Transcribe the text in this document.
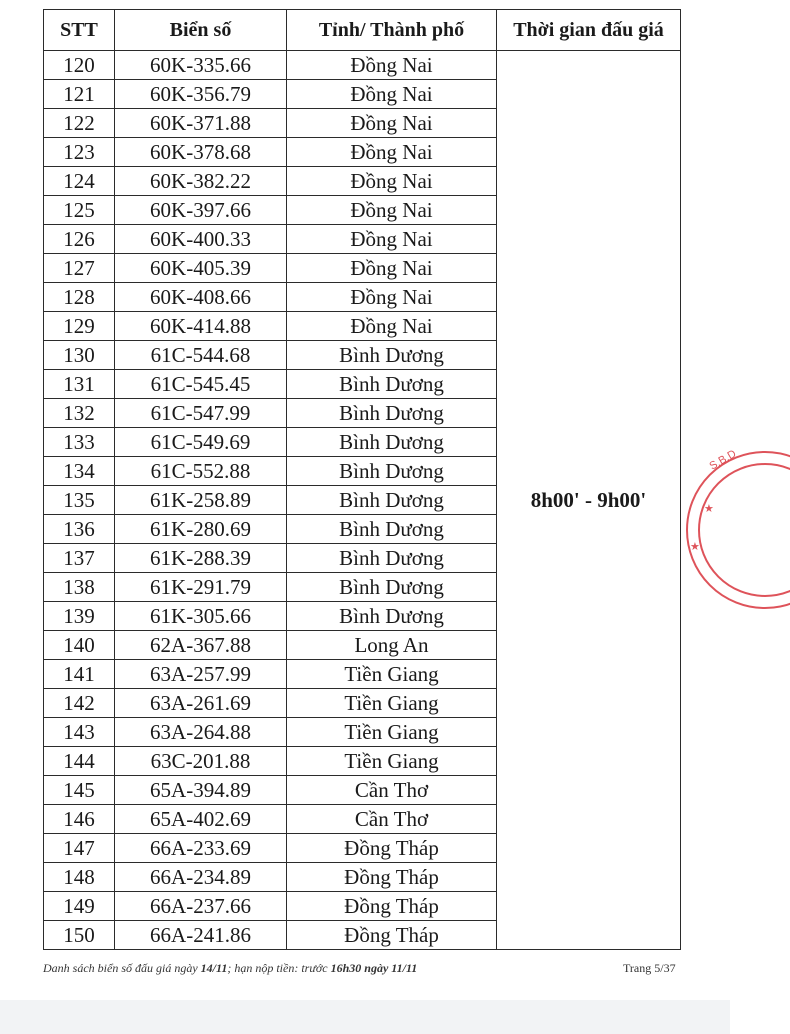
STT	Biển số	Tỉnh/ Thành phố	Thời gian đấu giá
120	60K-335.66	Đồng Nai	8h00' - 9h00'
121	60K-356.79	Đồng Nai	
122	60K-371.88	Đồng Nai	
123	60K-378.68	Đồng Nai	
124	60K-382.22	Đồng Nai	
125	60K-397.66	Đồng Nai	
126	60K-400.33	Đồng Nai	
127	60K-405.39	Đồng Nai	
128	60K-408.66	Đồng Nai	
129	60K-414.88	Đồng Nai	
130	61C-544.68	Bình Dương	
131	61C-545.45	Bình Dương	
132	61C-547.99	Bình Dương	
133	61C-549.69	Bình Dương	
134	61C-552.88	Bình Dương	
135	61K-258.89	Bình Dương	
136	61K-280.69	Bình Dương	
137	61K-288.39	Bình Dương	
138	61K-291.79	Bình Dương	
139	61K-305.66	Bình Dương	
140	62A-367.88	Long An	
141	63A-257.99	Tiền Giang	
142	63A-261.69	Tiền Giang	
143	63A-264.88	Tiền Giang	
144	63C-201.88	Tiền Giang	
145	65A-394.89	Cần Thơ	
146	65A-402.69	Cần Thơ	
147	66A-233.69	Đồng Tháp	
148	66A-234.89	Đồng Tháp	
149	66A-237.66	Đồng Tháp	
150	66A-241.86	Đồng Tháp	
S.B.D
★
★
Danh sách biển số đấu giá ngày 14/11; hạn nộp tiền: trước 16h30 ngày 11/11	Trang 5/37
